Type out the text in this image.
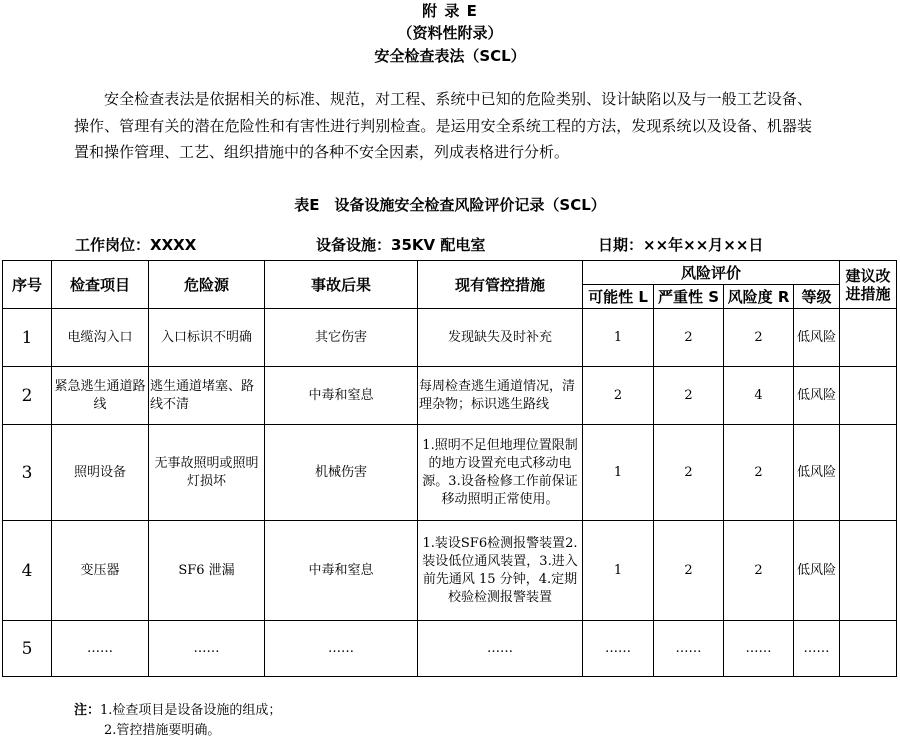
附 录 E
（资料性附录）
安全检查表法（SCL）

安全检查表法是依据相关的标准、规范，对工程、系统中已知的危险类别、设计缺陷以及与一般工艺设备、操作、管理有关的潜在危险性和有害性进行判别检查。是运用安全系统工程的方法，发现系统以及设备、机器装置和操作管理、工艺、组织措施中的各种不安全因素，列成表格进行分析。

表E　设备设施安全检查风险评价记录（SCL）
工作岗位：XXXX	设备设施：35KV 配电室	日期：××年××月××日
序号	检查项目	危险源	事故后果	现有管控措施	风险评价				建议改进措施
					可能性 L	严重性 S	风险度 R	等级	
1	电缆沟入口	入口标识不明确	其它伤害	发现缺失及时补充	1	2	2	低风险	
2	紧急逃生通道路线	逃生通道堵塞、路线不清	中毒和窒息	每周检查逃生通道情况，清理杂物；标识逃生路线	2	2	4	低风险	
3	照明设备	无事故照明或照明灯损坏	机械伤害	1.照明不足但地理位置限制的地方设置充电式移动电源。3.设备检修工作前保证移动照明正常使用。	1	2	2	低风险	
4	变压器	SF6 泄漏	中毒和窒息	1.装设SF6检测报警装置2.装设低位通风装置，3.进入前先通风 15 分钟，4.定期校验检测报警装置	1	2	2	低风险	
5	……	……	……	……	……	……	……	……	
注：1.检查项目是设备设施的组成；
2.管控措施要明确。
